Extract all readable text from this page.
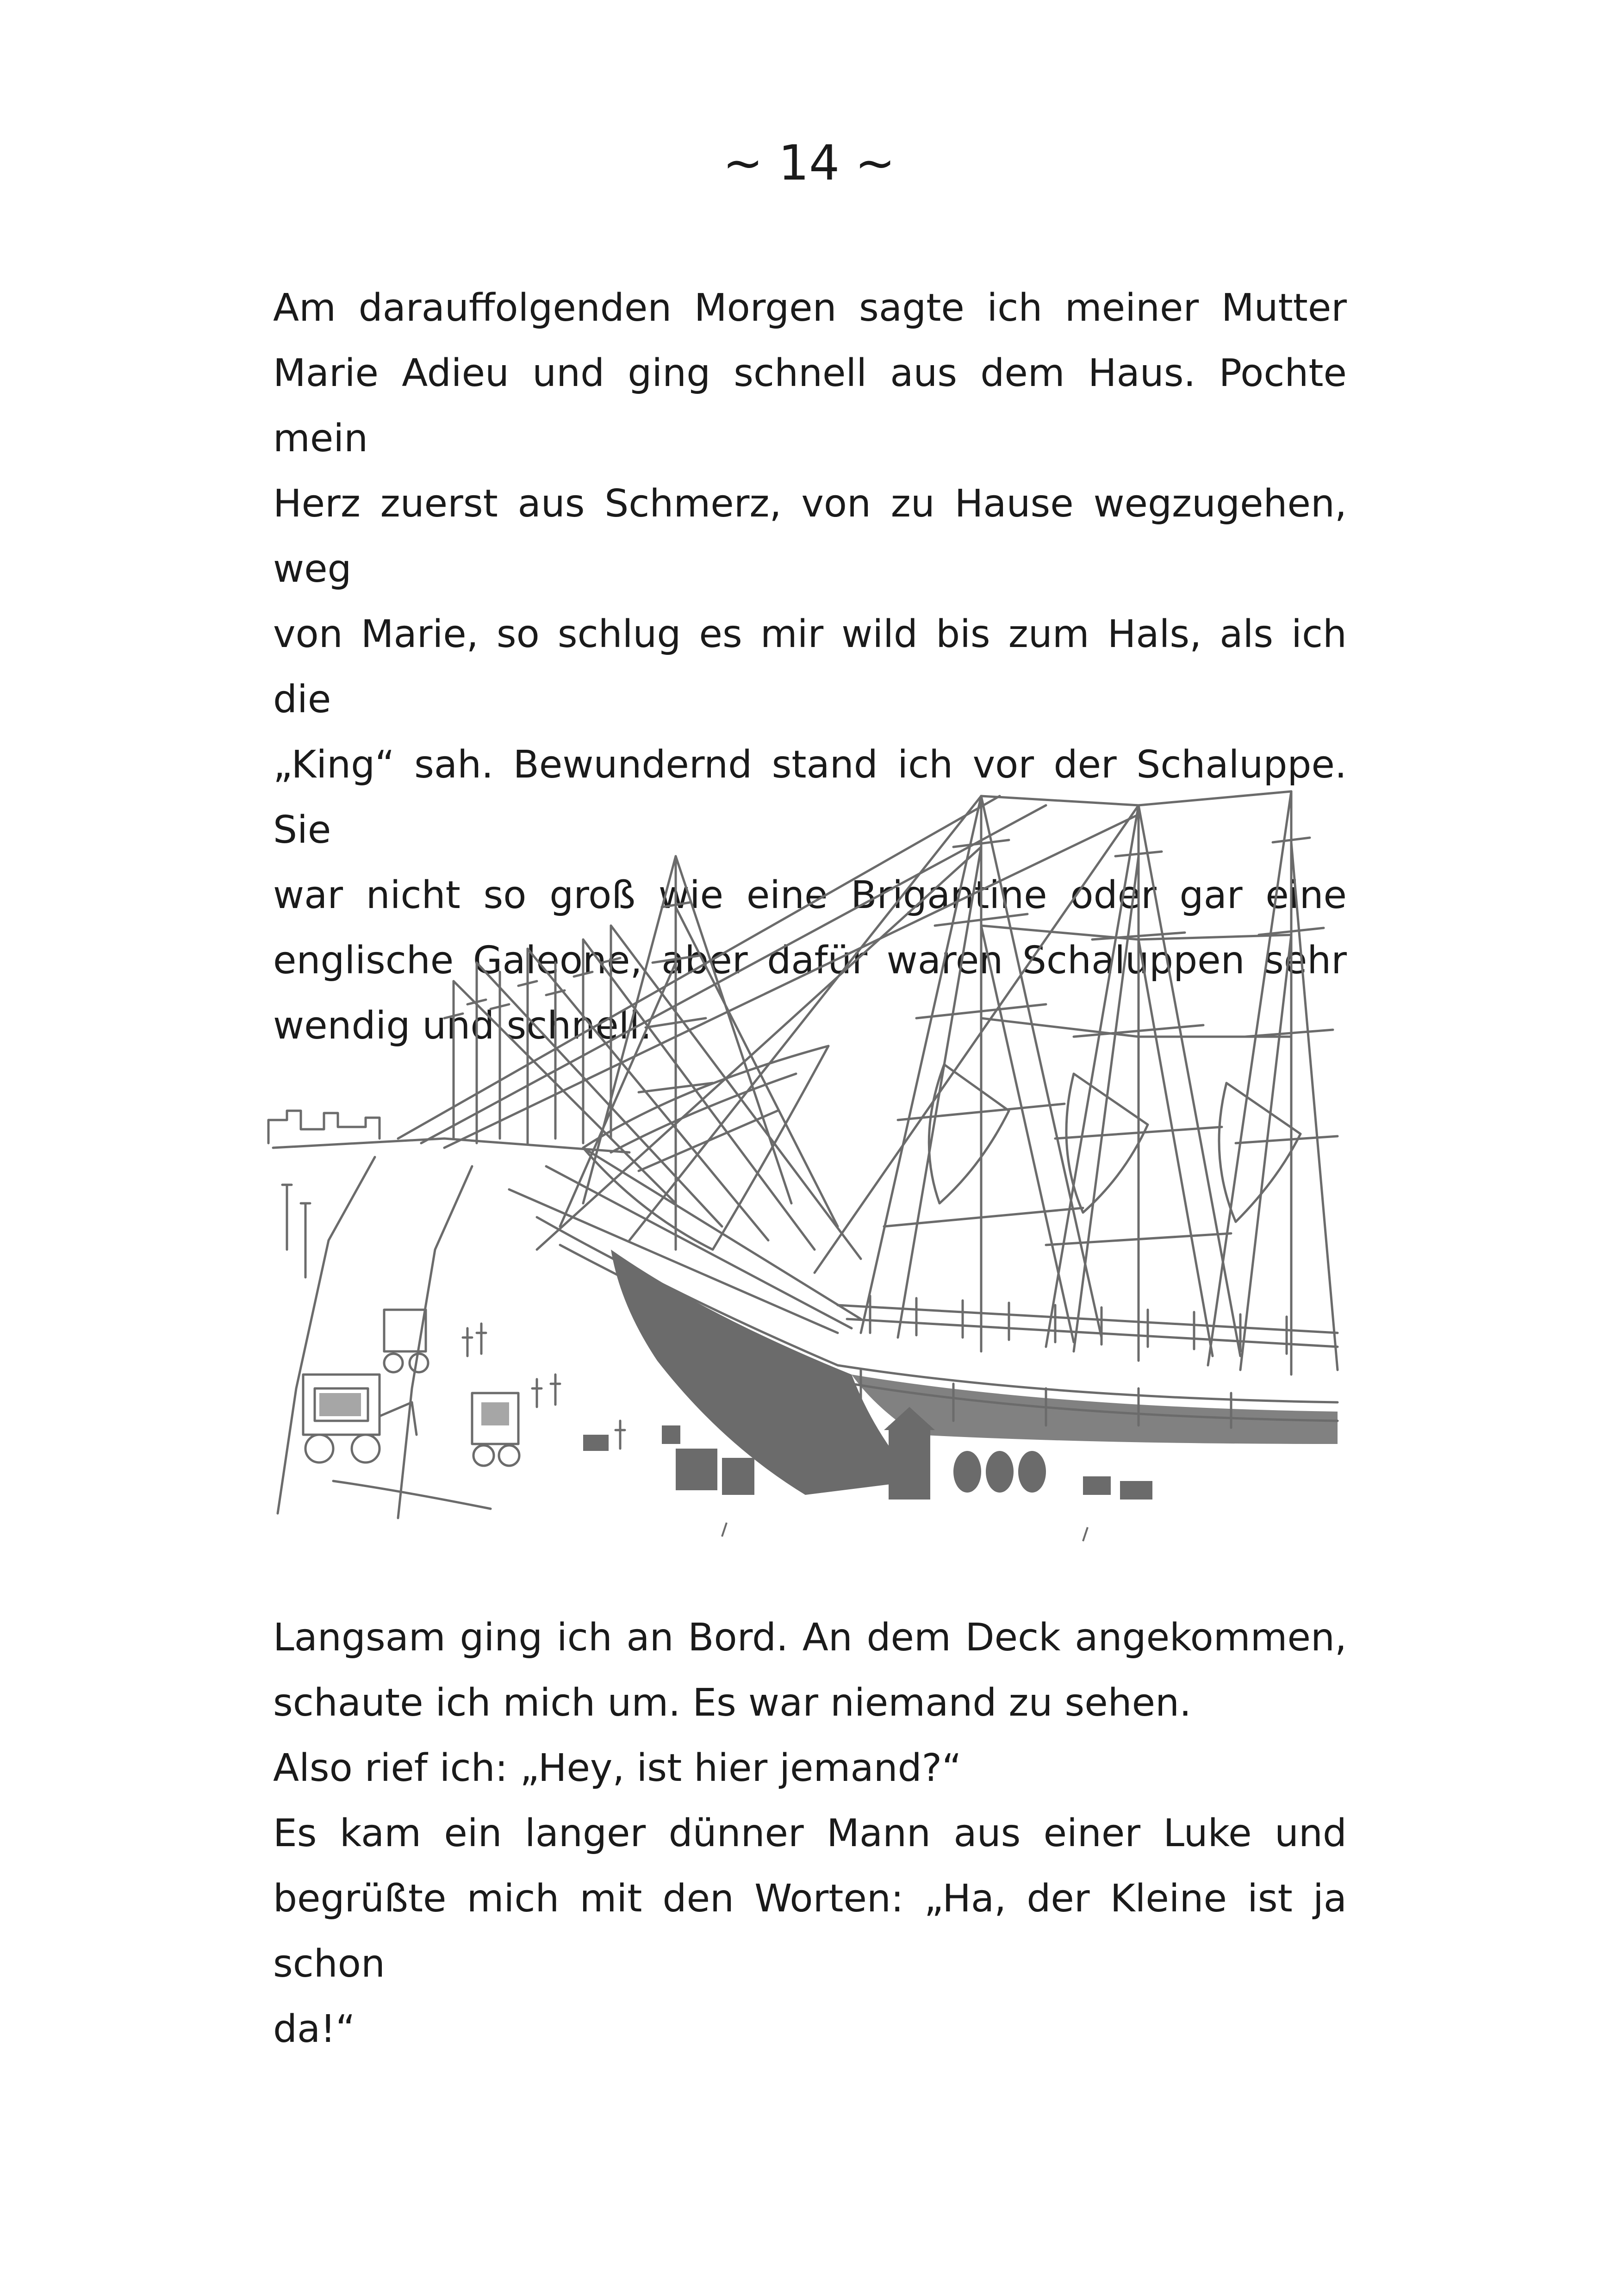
~ 14 ~

Am darauffolgenden Morgen sagte ich meiner Mutter
Marie Adieu und ging schnell aus dem Haus. Pochte mein
Herz zuerst aus Schmerz, von zu Hause wegzugehen, weg
von Marie, so schlug es mir wild bis zum Hals, als ich die
„King“ sah. Bewundernd stand ich vor der Schaluppe. Sie
war nicht so groß wie eine Brigantine oder gar eine
englische Galeone, aber dafür waren Schaluppen sehr
wendig und schnell.

Langsam ging ich an Bord. An dem Deck angekommen,
schaute ich mich um. Es war niemand zu sehen.
Also rief ich: „Hey, ist hier jemand?“
Es kam ein langer dünner Mann aus einer Luke und
begrüßte mich mit den Worten: „Ha, der Kleine ist ja schon
da!“
